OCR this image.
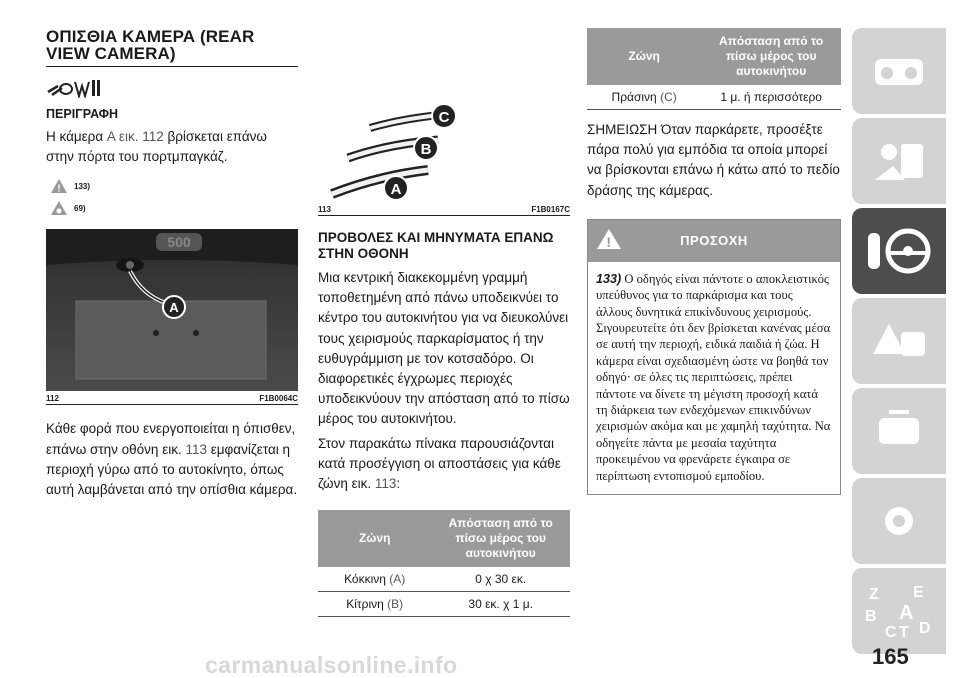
ΟΠΙΣΘΙΑ ΚΑΜΕΡΑ (REAR VIEW CAMERA)
ΠΕΡΙΓΡΑΦΗ

Η κάμερα A εικ. 112 βρίσκεται επάνω στην πόρτα του πορτμπαγκάζ.

! 133)
69)
500
A
112	F1B0064C

Κάθε φορά που ενεργοποιείται η όπισθεν, επάνω στην οθόνη εικ. 113 εμφανίζεται η περιοχή γύρω από το αυτοκίνητο, όπως αυτή λαμβάνεται από την οπίσθια κάμερα.

A
B
C
113	F1B0167C
ΠΡΟΒΟΛΕΣ ΚΑΙ ΜΗΝΥΜΑΤΑ ΕΠΑΝΩ ΣΤΗΝ ΟΘΟΝΗ

Μια κεντρική διακεκομμένη γραμμή τοποθετημένη από πάνω υποδεικνύει το κέντρο του αυτοκινήτου για να διευκολύνει τους χειρισμούς παρκαρίσματος ή την ευθυγράμμιση με τον κοτσαδόρο. Οι διαφορετικές έγχρωμες περιοχές υποδεικνύουν την απόσταση από το πίσω μέρος του αυτοκινήτου.

Στον παρακάτω πίνακα παρουσιάζονται κατά προσέγγιση οι αποστάσεις για κάθε ζώνη εικ. 113:

Ζώνη	Απόσταση από το πίσω μέρος του αυτοκινήτου
Κόκκινη (A)	0 χ 30 εκ.
Κίτρινη (B)	30 εκ. χ 1 μ.
Ζώνη	Απόσταση από το πίσω μέρος του αυτοκινήτου
Πράσινη (C)	1 μ. ή περισσότερο

ΣΗΜΕΙΩΣΗ Όταν παρκάρετε, προσέξτε πάρα πολύ για εμπόδια τα οποία μπορεί να βρίσκονται επάνω ή κάτω από το πεδίο δράσης της κάμερας.

!	ΠΡΟΣΟΧΗ
133) Ο οδηγός είναι πάντοτε ο αποκλειστικός υπεύθυνος για το παρκάρισμα και τους άλλους δυνητικά επικίνδυνους χειρισμούς. Σιγουρευτείτε ότι δεν βρίσκεται κανένας μέσα σε αυτή την περιοχή, ειδικά παιδιά ή ζώα. Η κάμερα είναι σχεδιασμένη ώστε να βοηθά τον οδηγό· σε όλες τις περιπτώσεις, πρέπει πάντοτε να δίνετε τη μέγιστη προσοχή κατά τη διάρκεια των ενδεχόμενων επικινδύνων χειρισμών ακόμα και με χαμηλή ταχύτητα. Να οδηγείτε πάντα με μεσαία ταχύτητα προκειμένου να φρενάρετε έγκαιρα σε περίπτωση εντοπισμού εμποδίου.
Z E
B A
C T D
165
carmanualsonline.info
